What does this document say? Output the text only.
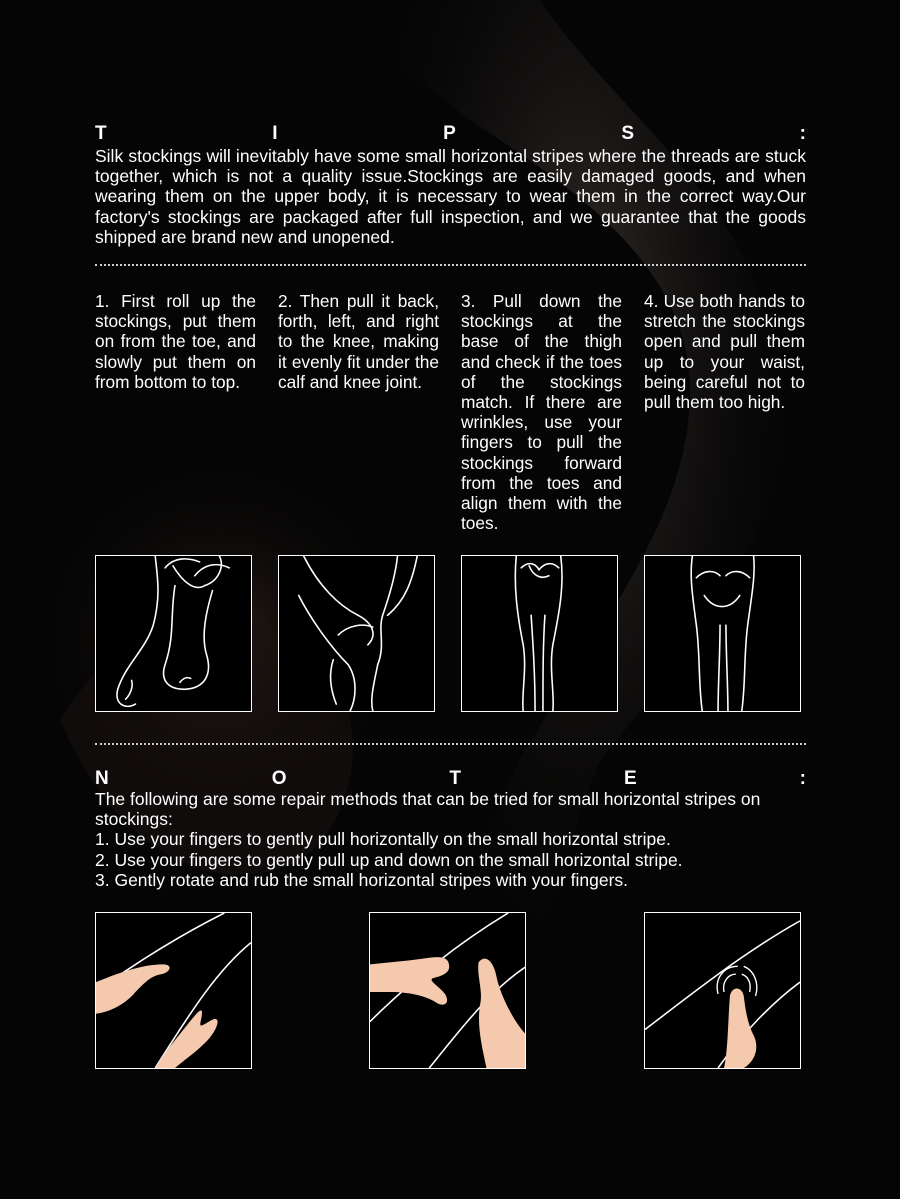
T	I	P	S	:
Silk stockings will inevitably have some small horizontal stripes where the threads are stuck together, which is not a quality issue.Stockings are easily damaged goods, and when wearing them on the upper body, it is necessary to wear them in the correct way.Our factory's stockings are packaged after full inspection, and we guarantee that the goods shipped are brand new and unopened.
1. First roll up the stockings, put them on from the toe, and slowly put them on from bottom to top.
2. Then pull it back, forth, left, and right to the knee, making it evenly fit under the calf and knee joint.
3. Pull down the stockings at the base of the thigh and check if the toes of the stockings match. If there are wrinkles, use your fingers to pull the stockings forward from the toes and align them with the toes.
4. Use both hands to stretch the stockings open and pull them up to your waist, being careful not to pull them too high.
N	O	T	E	:
The following are some repair methods that can be tried for small horizontal stripes on stockings:
1. Use your fingers to gently pull horizontally on the small horizontal stripe.
2. Use your fingers to gently pull up and down on the small horizontal stripe.
3. Gently rotate and rub the small horizontal stripes with your fingers.
